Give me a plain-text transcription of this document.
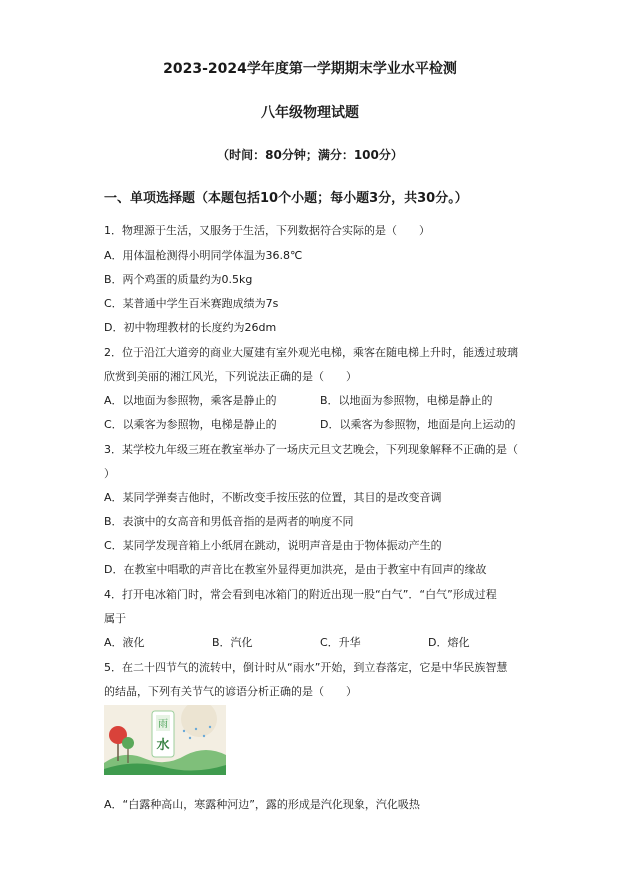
2023-2024学年度第一学期期末学业水平检测
八年级物理试题
（时间：80分钟；满分：100分）
一、单项选择题（本题包括10个小题；每小题3分，共30分。）
1．物理源于生活，又服务于生活，下列数据符合实际的是（　　）
A．用体温枪测得小明同学体温为36.8℃
B．两个鸡蛋的质量约为0.5kg
C．某普通中学生百米赛跑成绩为7s
D．初中物理教材的长度约为26dm
2．位于沿江大道旁的商业大厦建有室外观光电梯，乘客在随电梯上升时，能透过玻璃
欣赏到美丽的湘江风光，下列说法正确的是（　　）
A．以地面为参照物，乘客是静止的	B．以地面为参照物，电梯是静止的
C．以乘客为参照物，电梯是静止的	D．以乘客为参照物，地面是向上运动的
3．某学校九年级三班在教室举办了一场庆元旦文艺晚会，下列现象解释不正确的是（
）
A．某同学弹奏吉他时，不断改变手按压弦的位置，其目的是改变音调
B．表演中的女高音和男低音指的是两者的响度不同
C．某同学发现音箱上小纸屑在跳动，说明声音是由于物体振动产生的
D．在教室中唱歌的声音比在教室外显得更加洪亮，是由于教室中有回声的缘故
4．打开电冰箱门时，常会看到电冰箱门的附近出现一股“白气”．“白气”形成过程
属于
A．液化	B．汽化	C．升华	D．熔化
5．在二十四节气的流转中，倒计时从“雨水”开始，到立春落定，它是中华民族智慧
的结晶，下列有关节气的谚语分析正确的是（　　）
雨
水
A．“白露种高山，寒露种河边”，露的形成是汽化现象，汽化吸热
